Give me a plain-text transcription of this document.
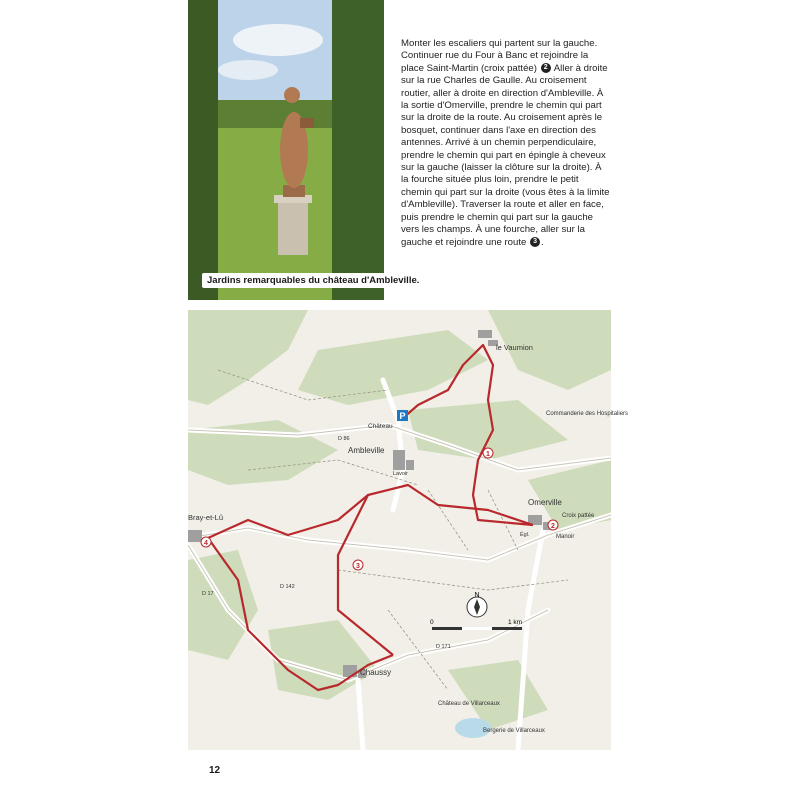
Jardins remarquables du château d'Ambleville.
Monter les escaliers qui partent sur la gauche. Continuer rue du Four à Banc et rejoindre la place Saint-Martin (croix pattée) 2 Aller à droite sur la rue Charles de Gaulle. Au croisement routier, aller à droite en direction d'Ambleville. À la sortie d'Omerville, prendre le chemin qui part sur la droite de la route. Au croisement après le bosquet, continuer dans l'axe en direction des antennes. Arrivé à un chemin perpendiculaire, prendre le chemin qui part en épingle à cheveux sur la gauche (laisser la clôture sur la droite). À la fourche située plus loin, prendre le petit chemin qui part sur la droite (vous êtes à la limite d'Ambleville). Traverser la route et aller en face, puis prendre le chemin qui part sur la gauche vers les champs. À une fourche, aller sur la gauche et rejoindre une route 3 .
1
2
3
4
P
le Vaumion
Commanderie des Hospitaliers
Château
Ambleville
Lavoir
Omerville
Croix pattée
Égl.	Manoir
Bray-et-Lû
Chaussy
Château de Villarceaux
Bergerie de Villarceaux
D 86
D 17
D 142
D 171
N
0	1 km
12
